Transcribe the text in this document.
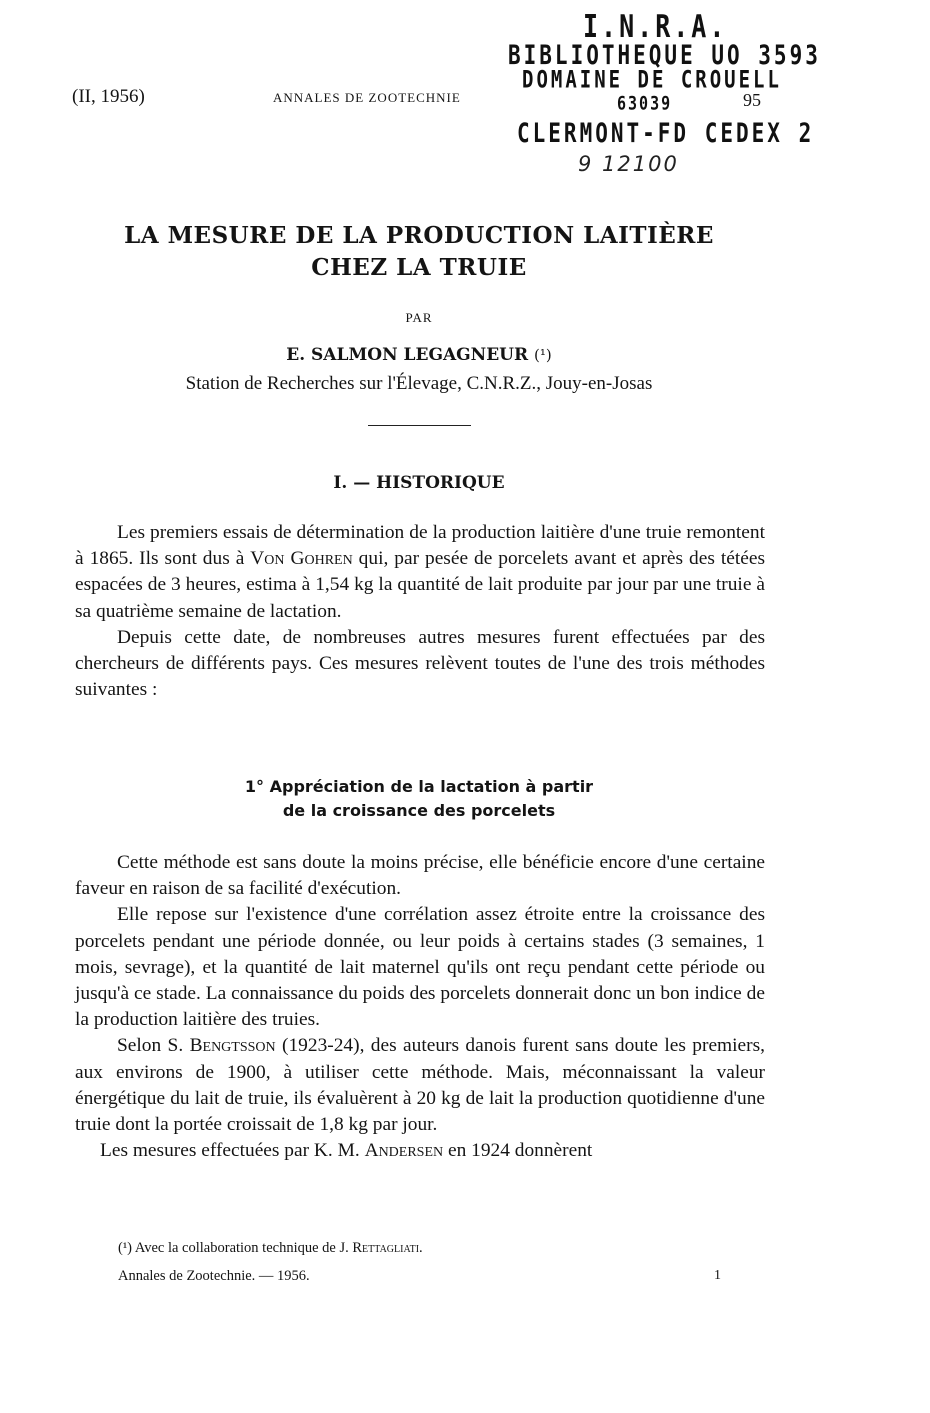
I.N.R.A.
BIBLIOTHEQUE UO 3593
DOMAINE DE CROUELL
63039
CLERMONT-FD CEDEX 2
9 12100
(II, 1956)	ANNALES DE ZOOTECHNIE	95
LA MESURE DE LA PRODUCTION LAITIÈRE
CHEZ LA TRUIE
PAR
E. SALMON LEGAGNEUR (¹)
Station de Recherches sur l'Élevage, C.N.R.Z., Jouy-en-Josas
I. — HISTORIQUE

Les premiers essais de détermination de la production laitière d'une truie remontent à 1865. Ils sont dus à Von Gohren qui, par pesée de porcelets avant et après des tétées espacées de 3 heures, estima à 1,54 kg la quantité de lait produite par jour par une truie à sa quatrième semaine de lactation.

Depuis cette date, de nombreuses autres mesures furent effectuées par des chercheurs de différents pays. Ces mesures relèvent toutes de l'une des trois méthodes suivantes :

1° Appréciation de la lactation à partir
de la croissance des porcelets

Cette méthode est sans doute la moins précise, elle bénéficie encore d'une certaine faveur en raison de sa facilité d'exécution.

Elle repose sur l'existence d'une corrélation assez étroite entre la croissance des porcelets pendant une période donnée, ou leur poids à certains stades (3 semaines, 1 mois, sevrage), et la quantité de lait maternel qu'ils ont reçu pendant cette période ou jusqu'à ce stade. La connaissance du poids des porcelets donnerait donc un bon indice de la production laitière des truies.

Selon S. Bengtsson (1923-24), des auteurs danois furent sans doute les premiers, aux environs de 1900, à utiliser cette méthode. Mais, méconnaissant la valeur énergétique du lait de truie, ils évaluèrent à 20 kg de lait la production quotidienne d'une truie dont la portée croissait de 1,8 kg par jour.

Les mesures effectuées par K. M. Andersen en 1924 donnèrent

(¹) Avec la collaboration technique de J. Rettagliati.
Annales de Zootechnie. — 1956.	1
